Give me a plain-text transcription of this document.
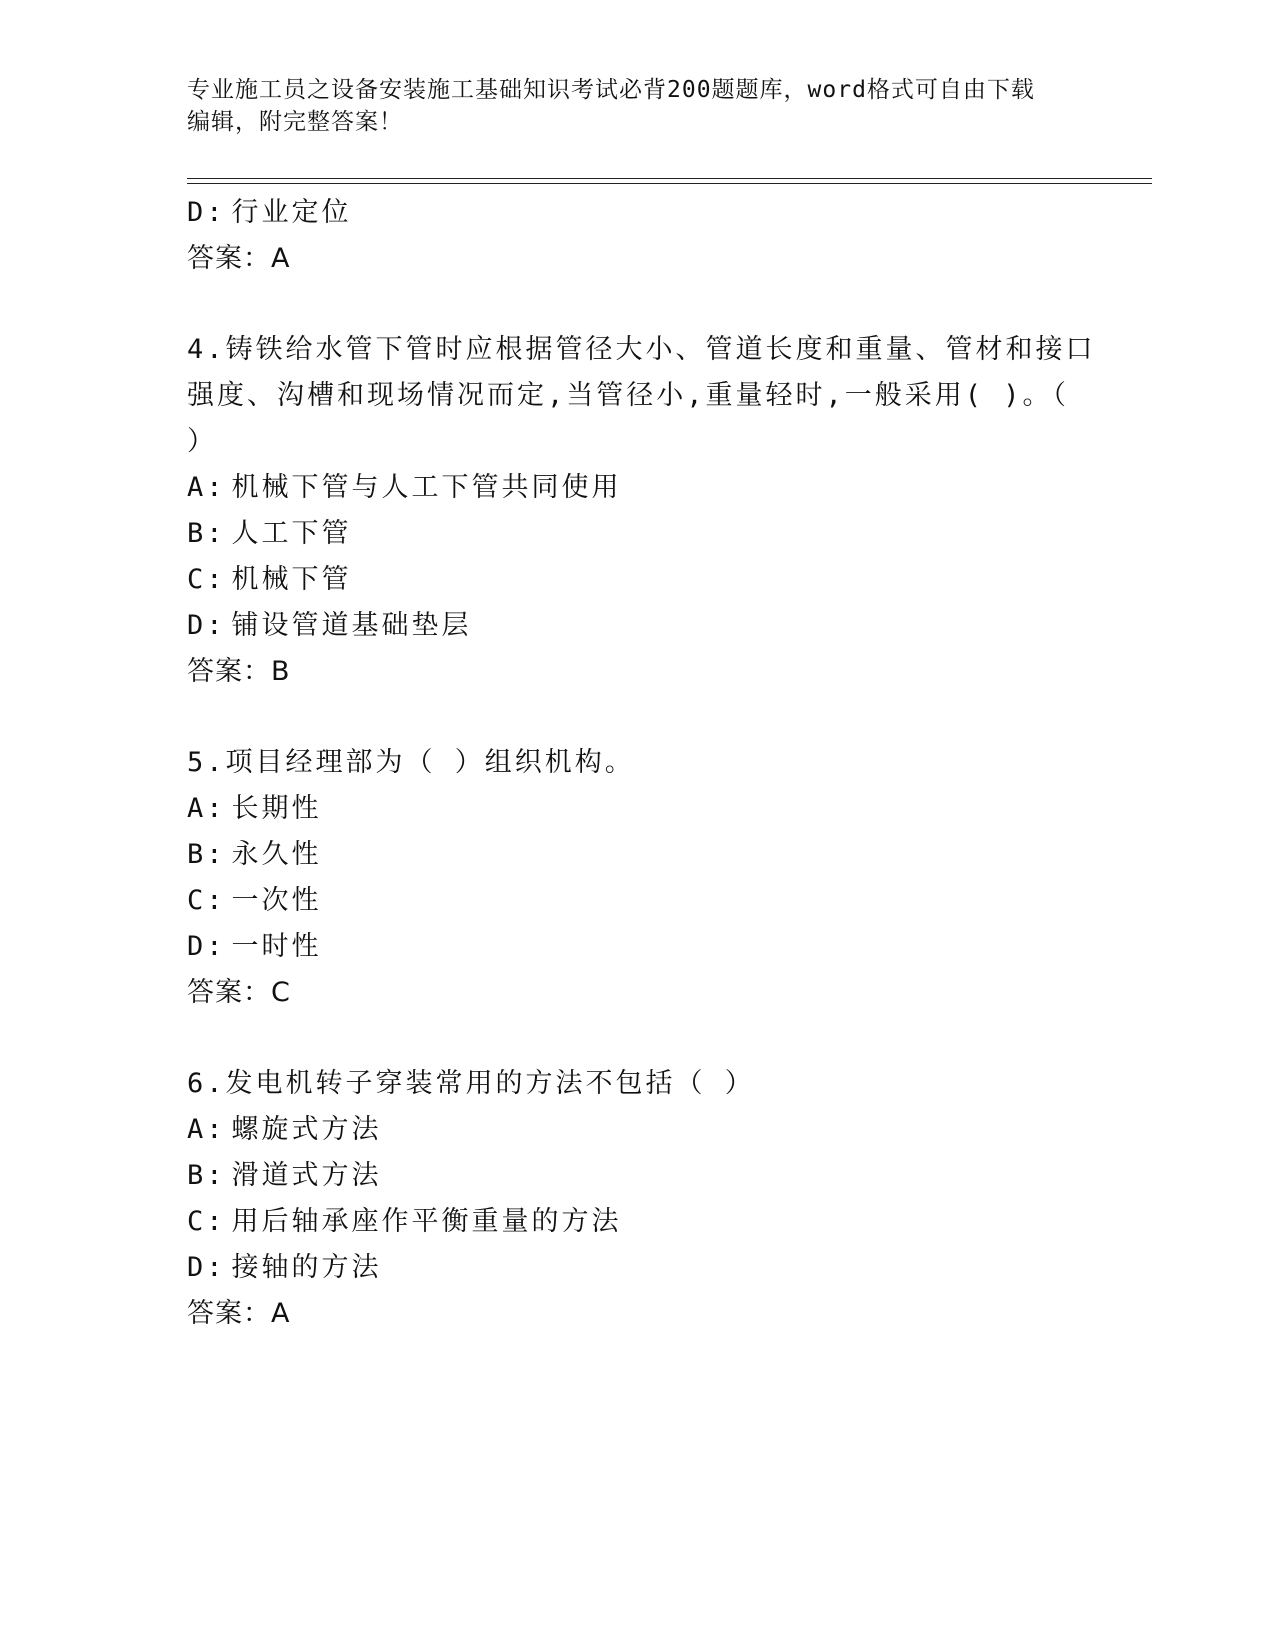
专业施工员之设备安装施工基础知识考试必背200题题库，word格式可自由下载
编辑，附完整答案！
D: 行业定位
答案：A
4.铸铁给水管下管时应根据管径大小、管道长度和重量、管材和接口
强度、沟槽和现场情况而定,当管径小,重量轻时,一般采用( )。（
）
A: 机械下管与人工下管共同使用
B: 人工下管
C: 机械下管
D: 铺设管道基础垫层
答案：B
5.项目经理部为（ ）组织机构。
A: 长期性
B: 永久性
C: 一次性
D: 一时性
答案：C
6.发电机转子穿装常用的方法不包括（ ）
A: 螺旋式方法
B: 滑道式方法
C: 用后轴承座作平衡重量的方法
D: 接轴的方法
答案：A
